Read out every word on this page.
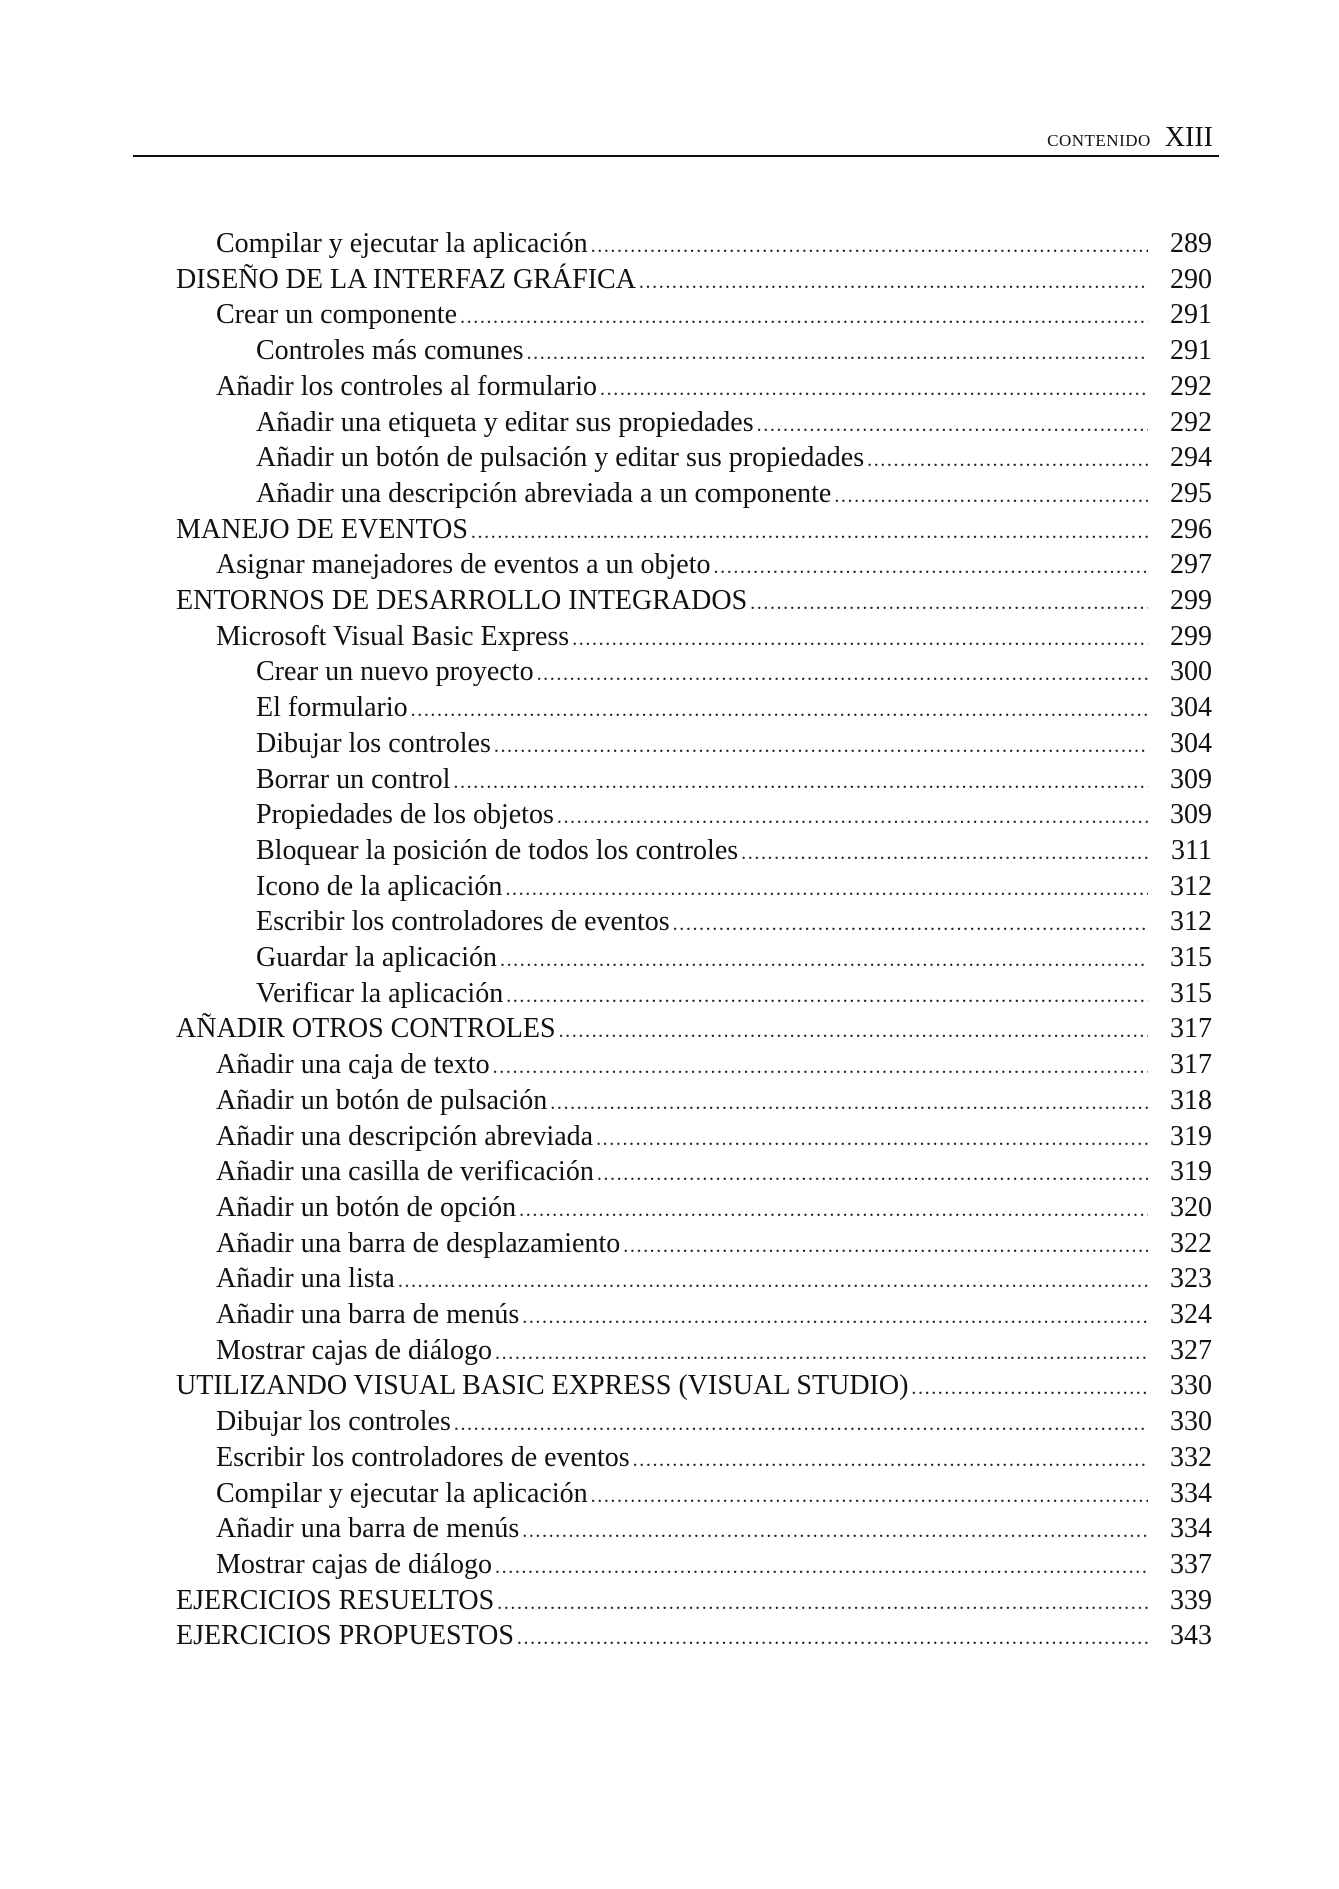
CONTENIDO XIII
Compilar y ejecutar la aplicación .....	289
DISEÑO DE LA INTERFAZ GRÁFICA .....	290
Crear un componente .....	291
Controles más comunes .....	291
Añadir los controles al formulario .....	292
Añadir una etiqueta y editar sus propiedades .....	292
Añadir un botón de pulsación y editar sus propiedades .....	294
Añadir una descripción abreviada a un componente .....	295
MANEJO DE EVENTOS .....	296
Asignar manejadores de eventos a un objeto .....	297
ENTORNOS DE DESARROLLO INTEGRADOS .....	299
Microsoft Visual Basic Express .....	299
Crear un nuevo proyecto .....	300
El formulario .....	304
Dibujar los controles .....	304
Borrar un control .....	309
Propiedades de los objetos .....	309
Bloquear la posición de todos los controles .....	311
Icono de la aplicación .....	312
Escribir los controladores de eventos .....	312
Guardar la aplicación .....	315
Verificar la aplicación .....	315
AÑADIR OTROS CONTROLES .....	317
Añadir una caja de texto .....	317
Añadir un botón de pulsación .....	318
Añadir una descripción abreviada .....	319
Añadir una casilla de verificación .....	319
Añadir un botón de opción .....	320
Añadir una barra de desplazamiento .....	322
Añadir una lista .....	323
Añadir una barra de menús .....	324
Mostrar cajas de diálogo .....	327
UTILIZANDO VISUAL BASIC EXPRESS (VISUAL STUDIO) .....	330
Dibujar los controles .....	330
Escribir los controladores de eventos .....	332
Compilar y ejecutar la aplicación .....	334
Añadir una barra de menús .....	334
Mostrar cajas de diálogo .....	337
EJERCICIOS RESUELTOS .....	339
EJERCICIOS PROPUESTOS .....	343
